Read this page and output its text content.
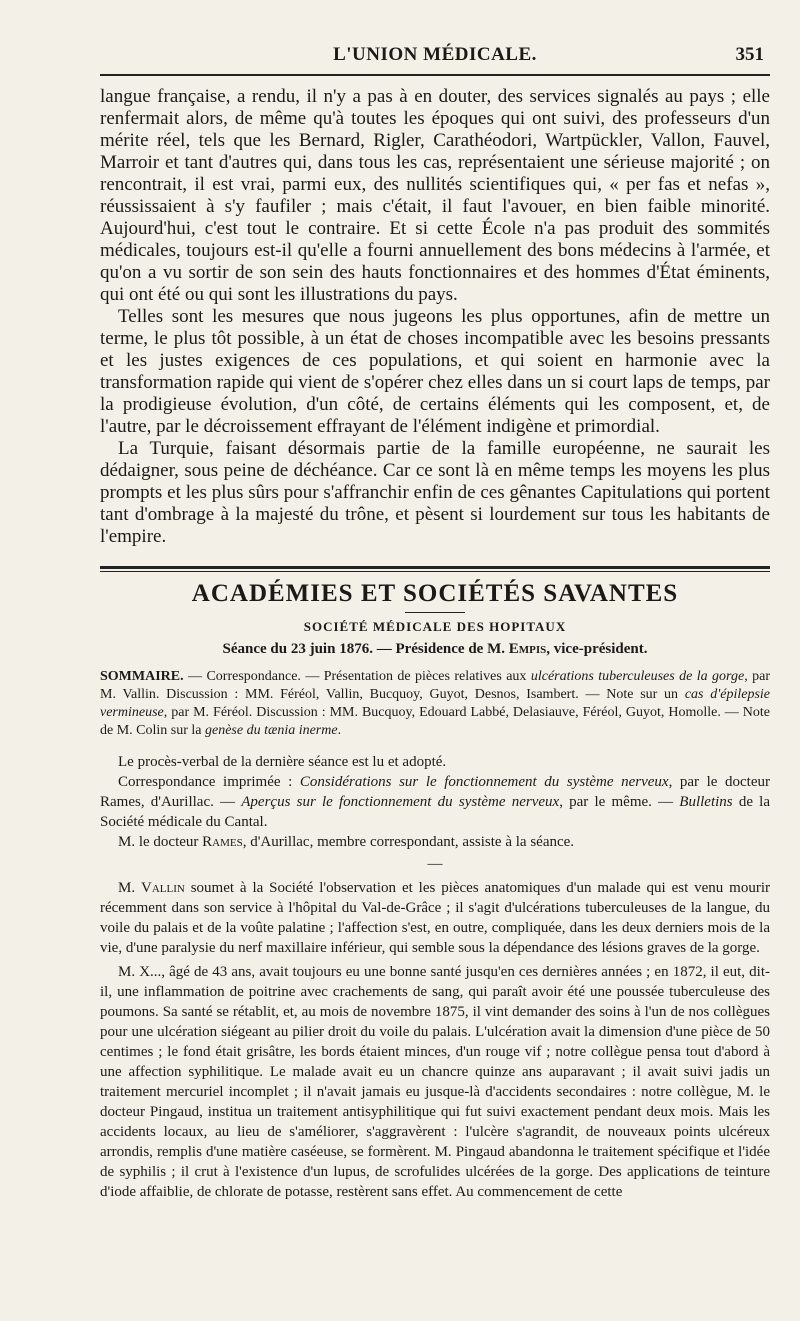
L'UNION MÉDICALE.	351

langue française, a rendu, il n'y a pas à en douter, des services signalés au pays ; elle renfermait alors, de même qu'à toutes les époques qui ont suivi, des professeurs d'un mérite réel, tels que les Bernard, Rigler, Carathéodori, Wartpückler, Vallon, Fauvel, Marroir et tant d'autres qui, dans tous les cas, représentaient une sérieuse majorité ; on rencontrait, il est vrai, parmi eux, des nullités scientifiques qui, « per fas et nefas », réussissaient à s'y faufiler ; mais c'était, il faut l'avouer, en bien faible minorité. Aujourd'hui, c'est tout le contraire. Et si cette École n'a pas produit des sommités médicales, toujours est-il qu'elle a fourni annuellement des bons médecins à l'armée, et qu'on a vu sortir de son sein des hauts fonctionnaires et des hommes d'État éminents, qui ont été ou qui sont les illustrations du pays.

Telles sont les mesures que nous jugeons les plus opportunes, afin de mettre un terme, le plus tôt possible, à un état de choses incompatible avec les besoins pressants et les justes exigences de ces populations, et qui soient en harmonie avec la transformation rapide qui vient de s'opérer chez elles dans un si court laps de temps, par la prodigieuse évolution, d'un côté, de certains éléments qui les composent, et, de l'autre, par le décroissement effrayant de l'élément indigène et primordial.

La Turquie, faisant désormais partie de la famille européenne, ne saurait les dédaigner, sous peine de déchéance. Car ce sont là en même temps les moyens les plus prompts et les plus sûrs pour s'affranchir enfin de ces gênantes Capitulations qui portent tant d'ombrage à la majesté du trône, et pèsent si lourdement sur tous les habitants de l'empire.

ACADÉMIES ET SOCIÉTÉS SAVANTES
SOCIÉTÉ MÉDICALE DES HOPITAUX
Séance du 23 juin 1876. — Présidence de M. Empis, vice-président.

SOMMAIRE. — Correspondance. — Présentation de pièces relatives aux ulcérations tuberculeuses de la gorge, par M. Vallin. Discussion : MM. Féréol, Vallin, Bucquoy, Guyot, Desnos, Isambert. — Note sur un cas d'épilepsie vermineuse, par M. Féréol. Discussion : MM. Bucquoy, Edouard Labbé, Delasiauve, Féréol, Guyot, Homolle. — Note de M. Colin sur la genèse du tænia inerme.

Le procès-verbal de la dernière séance est lu et adopté.

Correspondance imprimée : Considérations sur le fonctionnement du système nerveux, par le docteur Rames, d'Aurillac. — Aperçus sur le fonctionnement du système nerveux, par le même. — Bulletins de la Société médicale du Cantal.

M. le docteur Rames, d'Aurillac, membre correspondant, assiste à la séance.

—

M. Vallin soumet à la Société l'observation et les pièces anatomiques d'un malade qui est venu mourir récemment dans son service à l'hôpital du Val-de-Grâce ; il s'agit d'ulcérations tuberculeuses de la langue, du voile du palais et de la voûte palatine ; l'affection s'est, en outre, compliquée, dans les deux derniers mois de la vie, d'une paralysie du nerf maxillaire inférieur, qui semble sous la dépendance des lésions graves de la gorge.

M. X..., âgé de 43 ans, avait toujours eu une bonne santé jusqu'en ces dernières années ; en 1872, il eut, dit-il, une inflammation de poitrine avec crachements de sang, qui paraît avoir été une poussée tuberculeuse des poumons. Sa santé se rétablit, et, au mois de novembre 1875, il vint demander des soins à l'un de nos collègues pour une ulcération siégeant au pilier droit du voile du palais. L'ulcération avait la dimension d'une pièce de 50 centimes ; le fond était grisâtre, les bords étaient minces, d'un rouge vif ; notre collègue pensa tout d'abord à une affection syphilitique. Le malade avait eu un chancre quinze ans auparavant ; il avait suivi jadis un traitement mercuriel incomplet ; il n'avait jamais eu jusque-là d'accidents secondaires : notre collègue, M. le docteur Pingaud, institua un traitement antisyphilitique qui fut suivi exactement pendant deux mois. Mais les accidents locaux, au lieu de s'améliorer, s'aggravèrent : l'ulcère s'agrandit, de nouveaux points ulcéreux arrondis, remplis d'une matière caséeuse, se formèrent. M. Pingaud abandonna le traitement spécifique et l'idée de syphilis ; il crut à l'existence d'un lupus, de scrofulides ulcérées de la gorge. Des applications de teinture d'iode affaiblie, de chlorate de potasse, restèrent sans effet. Au commencement de cette
